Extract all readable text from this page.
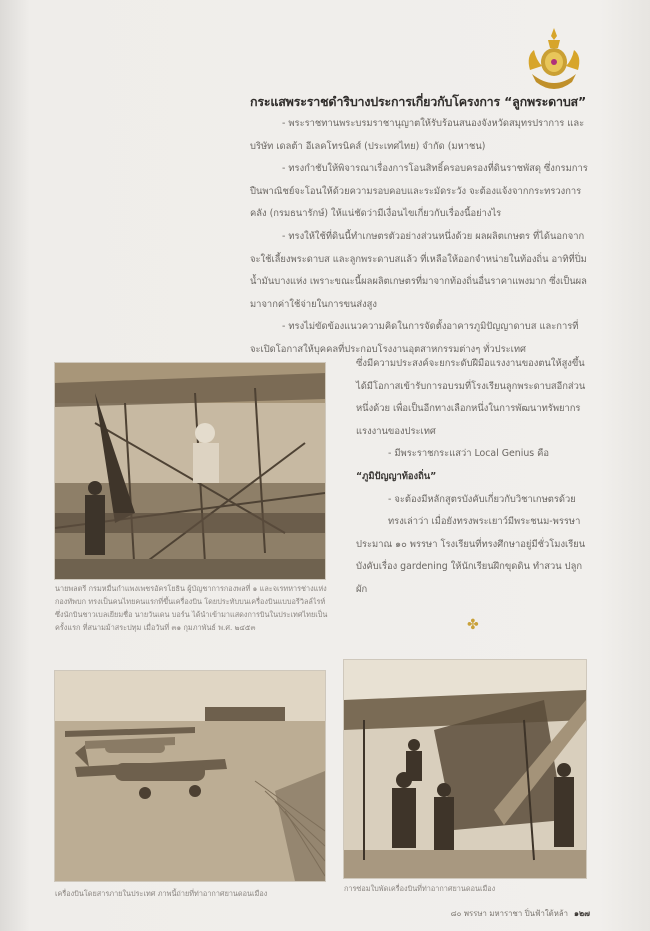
กระแสพระราชดำริบางประการเกี่ยวกับโครงการ “ลูกพระดาบส”

- พระราชทานพระบรมราชานุญาตให้รับร้อนสนองจังหวัดสมุทรปราการ และบริษัท เดลต้า อีเลคโทรนิคส์ (ประเทศไทย) จำกัด (มหาชน)

- ทรงกำชับให้พิจารณาเรื่องการโอนสิทธิ์ครอบครองที่ดินราชพัสดุ ซึ่งกรมการปืนพาณิชย์จะโอนให้ด้วยความรอบคอบและระมัดระวัง จะต้องแจ้งจากกระทรวงการคลัง (กรมธนารักษ์) ให้แน่ชัดว่ามีเงื่อนไขเกี่ยวกับเรื่องนี้อย่างไร

- ทรงให้ใช้ที่ดินนี้ทำเกษตรตัวอย่างส่วนหนึ่งด้วย ผลผลิตเกษตร ที่ได้นอกจากจะใช้เลี้ยงพระดาบส และลูกพระดาบสแล้ว ที่เหลือให้ออกจำหน่ายในท้องถิ่น อาทิที่ปิ่มน้ำมันบางแห่ง เพราะขณะนี้ผลผลิตเกษตรที่มาจากท้องถิ่นอื่นราคาแพงมาก ซึ่งเป็นผลมาจากค่าใช้จ่ายในการขนส่งสูง

- ทรงไม่ขัดข้องแนวความคิดในการจัดตั้งอาคารภูมิปัญญาดาบส และการที่จะเปิดโอกาสให้บุคคลที่ประกอบโรงงานอุตสาหกรรมต่างๆ ทั่วประเทศ

ซึ่งมีความประสงค์จะยกระดับฝีมือแรงงานของตนให้สูงขึ้น ได้มีโอกาสเข้ารับการอบรมที่โรงเรียนลูกพระดาบสอีกส่วนหนึ่งด้วย เพื่อเป็นอีกทางเลือกหนึ่งในการพัฒนาทรัพยากรแรงงานของประเทศ

- มีพระราชกระแสว่า Local Genius คือ

“ภูมิปัญญาท้องถิ่น”

- จะต้องมีหลักสูตรบังคับเกี่ยวกับวิชาเกษตรด้วย

ทรงเล่าว่า เมื่อยังทรงพระเยาว์มีพระชนม-พรรษาประมาณ ๑๐ พรรษา โรงเรียนที่ทรงศึกษาอยู่มีชั่วโมงเรียนบังคับเรื่อง gardening ให้นักเรียนฝึกขุดดิน ทำสวน ปลูกผัก

นายพลตรี กรมหมื่นกำแพงเพชรอัครโยธิน ผู้บัญชาการกองพลที่ ๑ และจเรทหารช่างแห่งกองทัพบก ทรงเป็นคนไทยคนแรกที่ขึ้นเครื่องบิน โดยประทับบนเครื่องบินแบบอรีวิลล์ไรท์ ซึ่งนักบินชาวเบลเยียมชื่อ นายวันเดน บอร์น ได้นำเข้ามาแสดงการบินในประเทศไทยเป็นครั้งแรก ที่สนามม้าสระปทุม เมื่อวันที่ ๓๑ กุมภาพันธ์ พ.ศ. ๒๔๕๓	✤
เครื่องบินโดยสารภายในประเทศ ภาพนี้ถ่ายที่ท่าอากาศยานดอนเมือง
การซ่อมใบพัดเครื่องบินที่ท่าอากาศยานดอนเมือง
๘๐ พรรษา มหาราชา ปิ่นฟ้าใต้หล้า ๑๒๗
